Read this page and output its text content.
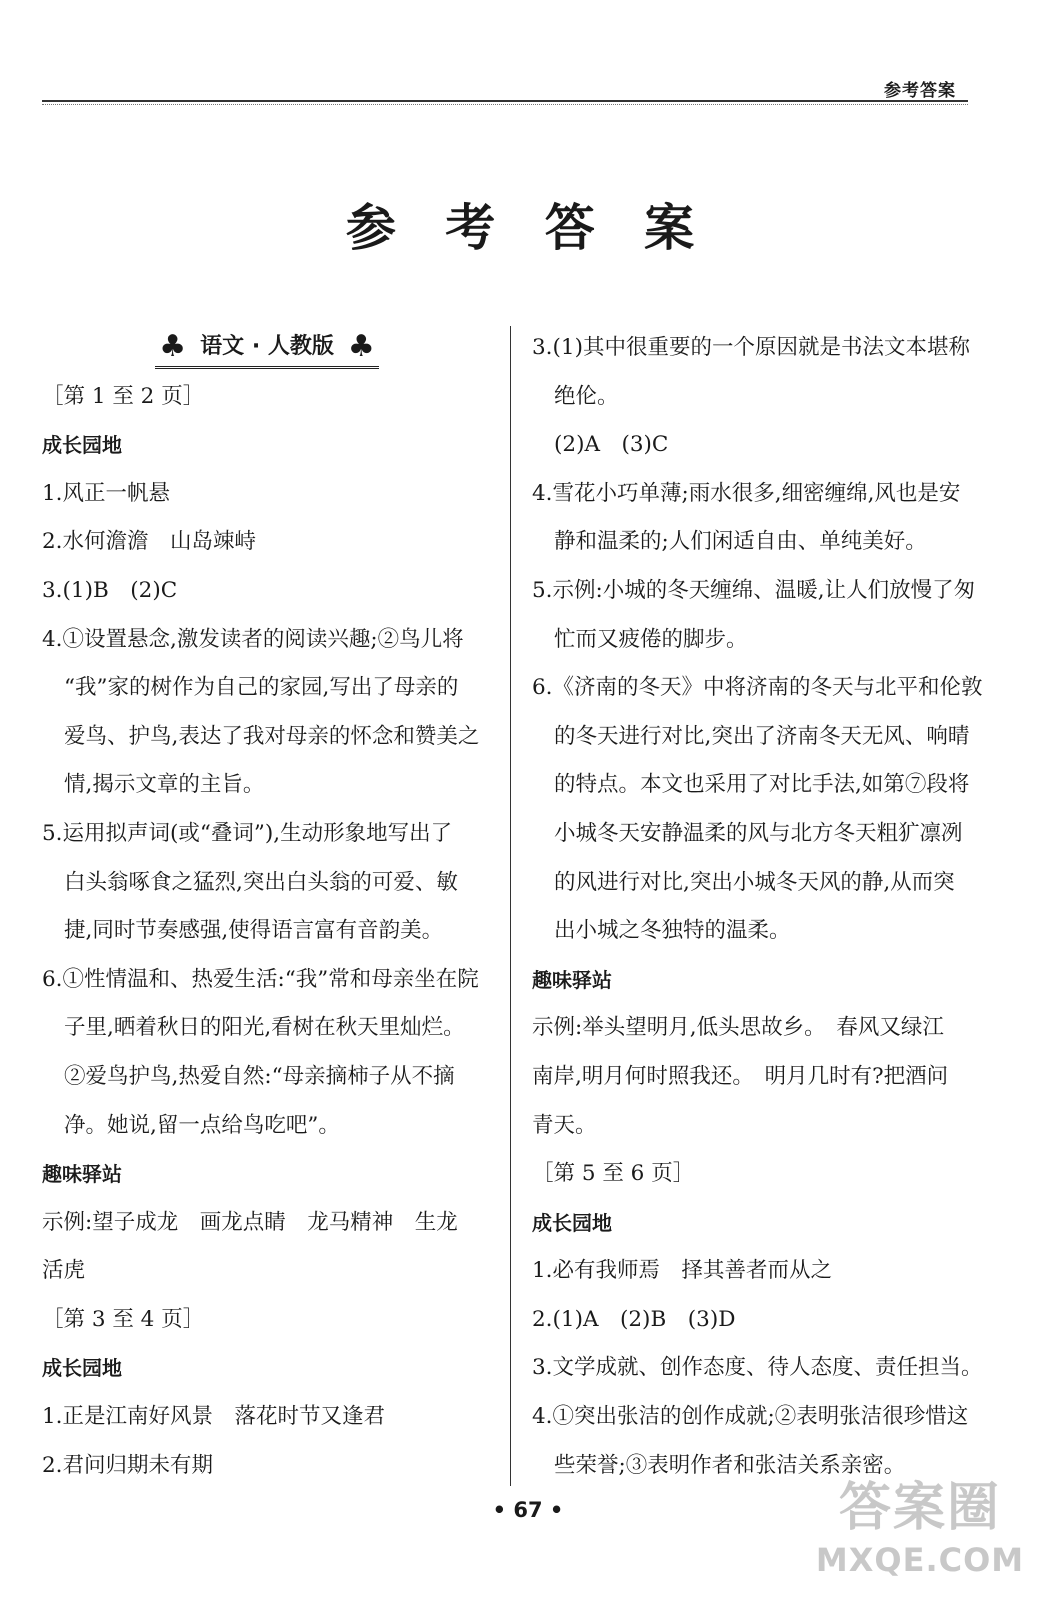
参考答案
参 考 答 案
♣ 语文 · 人教版 ♣
［第 1 至 2 页］
成长园地
1.风正一帆悬
2.水何澹澹　山岛竦峙
3.(1)B　(2)C
4.①设置悬念,激发读者的阅读兴趣;②鸟儿将
“我”家的树作为自己的家园,写出了母亲的
爱鸟、护鸟,表达了我对母亲的怀念和赞美之
情,揭示文章的主旨。
5.运用拟声词(或“叠词”),生动形象地写出了
白头翁啄食之猛烈,突出白头翁的可爱、敏
捷,同时节奏感强,使得语言富有音韵美。
6.①性情温和、热爱生活:“我”常和母亲坐在院
子里,晒着秋日的阳光,看树在秋天里灿烂。
②爱鸟护鸟,热爱自然:“母亲摘柿子从不摘
净。她说,留一点给鸟吃吧”。
趣味驿站
示例:望子成龙　画龙点睛　龙马精神　生龙
活虎
［第 3 至 4 页］
成长园地
1.正是江南好风景　落花时节又逢君
2.君问归期未有期
3.(1)其中很重要的一个原因就是书法文本堪称
绝伦。
(2)A　(3)C
4.雪花小巧单薄;雨水很多,细密缠绵,风也是安
静和温柔的;人们闲适自由、单纯美好。
5.示例:小城的冬天缠绵、温暖,让人们放慢了匆
忙而又疲倦的脚步。
6.《济南的冬天》中将济南的冬天与北平和伦敦
的冬天进行对比,突出了济南冬天无风、响晴
的特点。本文也采用了对比手法,如第⑦段将
小城冬天安静温柔的风与北方冬天粗犷凛冽
的风进行对比,突出小城冬天风的静,从而突
出小城之冬独特的温柔。
趣味驿站
示例:举头望明月,低头思故乡。　春风又绿江
南岸,明月何时照我还。　明月几时有?把酒问
青天。
［第 5 至 6 页］
成长园地
1.必有我师焉　择其善者而从之
2.(1)A　(2)B　(3)D
3.文学成就、创作态度、待人态度、责任担当。
4.①突出张洁的创作成就;②表明张洁很珍惜这
些荣誉;③表明作者和张洁关系亲密。
• 67 •	答案圈
MXQE.COM
